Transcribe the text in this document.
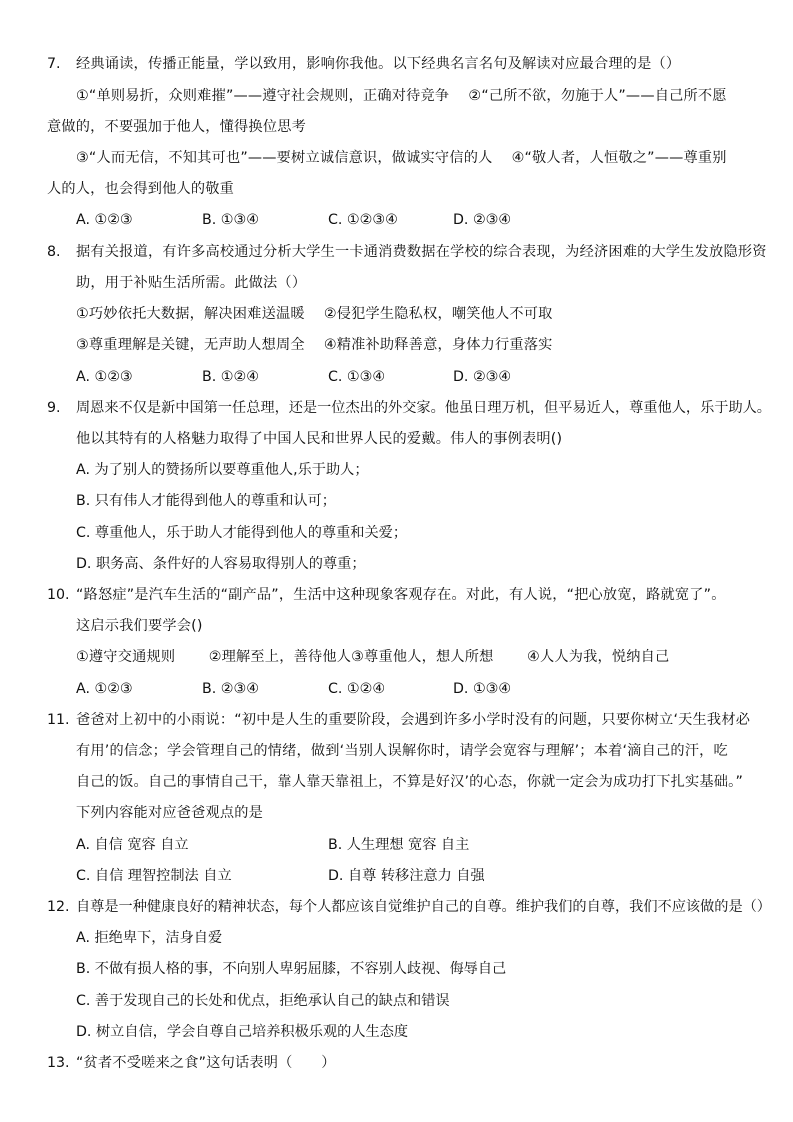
7. 经典诵读，传播正能量，学以致用，影响你我他。以下经典名言名句及解读对应最合理的是（）
①“单则易折，众则难摧”——遵守社会规则，正确对待竞争　 ②“己所不欲，勿施于人”——自己所不愿
意做的，不要强加于他人，懂得换位思考
③“人而无信，不知其可也”——要树立诚信意识，做诚实守信的人　 ④“敬人者，人恒敬之”——尊重别
人的人，也会得到他人的敬重
A. ①②③	B. ①③④	C. ①②③④	D. ②③④
8. 据有关报道，有许多高校通过分析大学生一卡通消费数据在学校的综合表现，为经济困难的大学生发放隐形资
助，用于补贴生活所需。此做法（）
①巧妙依托大数据，解决困难送温暖　 ②侵犯学生隐私权，嘲笑他人不可取
③尊重理解是关键，无声助人想周全　 ④精准补助释善意，身体力行重落实
A. ①②③	B. ①②④	C. ①③④	D. ②③④
9. 周恩来不仅是新中国第一任总理，还是一位杰出的外交家。他虽日理万机，但平易近人，尊重他人，乐于助人。
他以其特有的人格魅力取得了中国人民和世界人民的爱戴。伟人的事例表明()
A. 为了别人的赞扬所以要尊重他人,乐于助人；
B. 只有伟人才能得到他人的尊重和认可；
C. 尊重他人，乐于助人才能得到他人的尊重和关爱；
D. 职务高、条件好的人容易取得别人的尊重；
10. “路怒症”是汽车生活的“副产品”，生活中这种现象客观存在。对此，有人说，“把心放宽，路就宽了”。
这启示我们要学会()
①遵守交通规则　　 ②理解至上，善待他人③尊重他人，想人所想　　 ④人人为我，悦纳自己
A. ①②③	B. ②③④	C. ①②④	D. ①③④
11. 爸爸对上初中的小雨说：“初中是人生的重要阶段，会遇到许多小学时没有的问题，只要你树立‘天生我材必
有用’的信念；学会管理自己的情绪，做到‘当别人误解你时，请学会宽容与理解’；本着‘滴自己的汗，吃
自己的饭。自己的事情自己干，靠人靠天靠祖上，不算是好汉’的心态，你就一定会为成功打下扎实基础。”
下列内容能对应爸爸观点的是
A. 自信 宽容 自立	B. 人生理想 宽容 自主
C. 自信 理智控制法 自立	D. 自尊 转移注意力 自强
12. 自尊是一种健康良好的精神状态，每个人都应该自觉维护自己的自尊。维护我们的自尊，我们不应该做的是（）
A. 拒绝卑下，洁身自爱
B. 不做有损人格的事，不向别人卑躬屈膝，不容别人歧视、侮辱自己
C. 善于发现自己的长处和优点，拒绝承认自己的缺点和错误
D. 树立自信，学会自尊自己培养积极乐观的人生态度
13. “贫者不受嗟来之食”这句话表明（　　）
